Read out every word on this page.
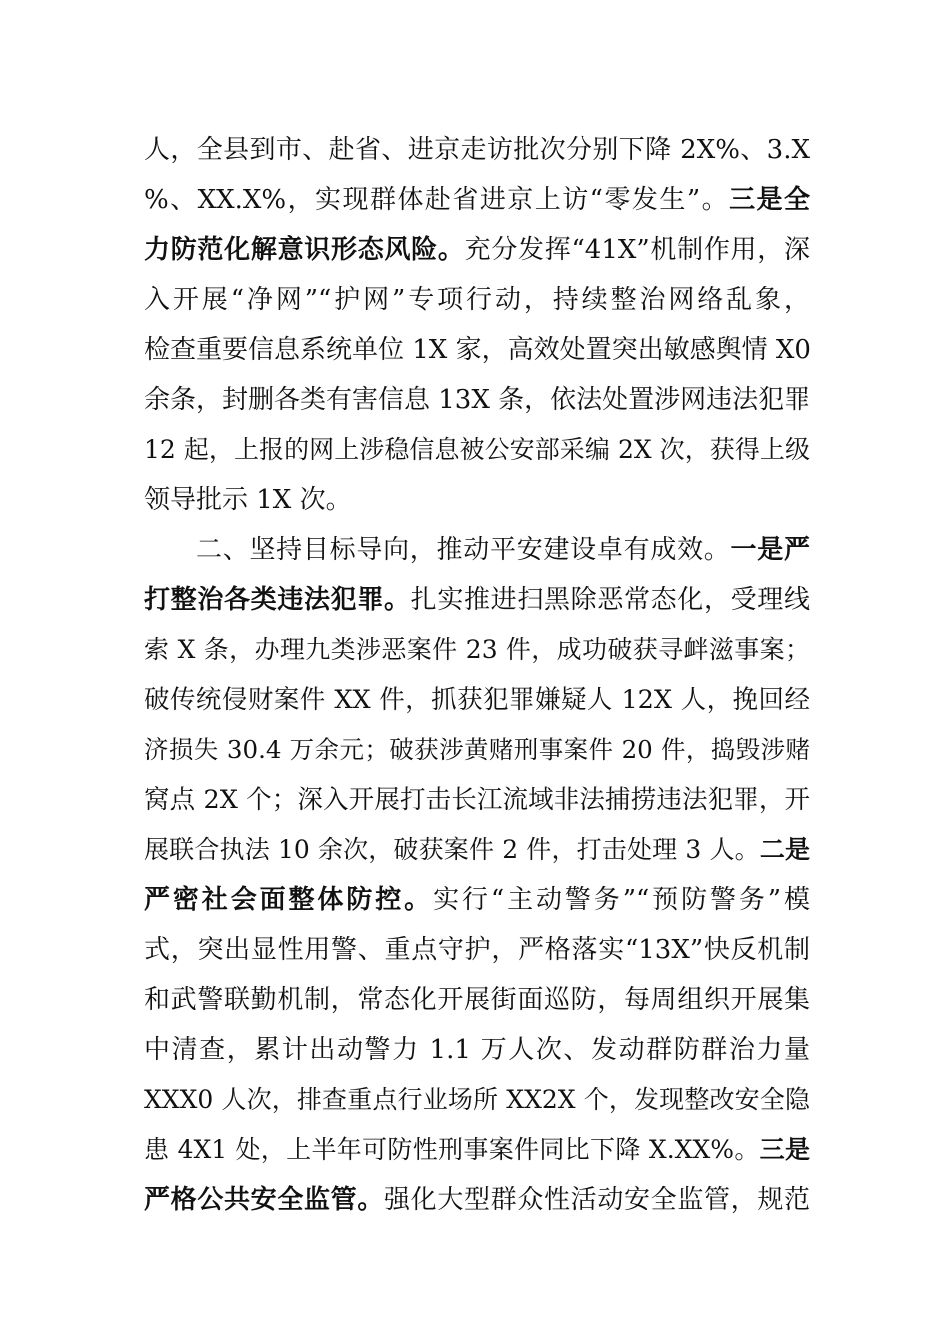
人，全县到市、赴省、进京走访批次分别下降 2X%、3.X
%、XX.X%，实现群体赴省进京上访“零发生”。三是全
力防范化解意识形态风险。充分发挥“41X”机制作用，深
入开展“净网”“护网”专项行动，持续整治网络乱象，
检查重要信息系统单位 1X 家，高效处置突出敏感舆情 X0
余条，封删各类有害信息 13X 条，依法处置涉网违法犯罪
12 起，上报的网上涉稳信息被公安部采编 2X 次，获得上级
领导批示 1X 次。
二、坚持目标导向，推动平安建设卓有成效。一是严
打整治各类违法犯罪。扎实推进扫黑除恶常态化，受理线
索 X 条，办理九类涉恶案件 23 件，成功破获寻衅滋事案；
破传统侵财案件 XX 件，抓获犯罪嫌疑人 12X 人，挽回经
济损失 30.4 万余元；破获涉黄赌刑事案件 20 件，捣毁涉赌
窝点 2X 个；深入开展打击长江流域非法捕捞违法犯罪，开
展联合执法 10 余次，破获案件 2 件，打击处理 3 人。二是
严密社会面整体防控。实行“主动警务”“预防警务”模
式，突出显性用警、重点守护，严格落实“13X”快反机制
和武警联勤机制，常态化开展街面巡防，每周组织开展集
中清查，累计出动警力 1.1 万人次、发动群防群治力量
XXX0 人次，排查重点行业场所 XX2X 个，发现整改安全隐
患 4X1 处，上半年可防性刑事案件同比下降 X.XX%。三是
严格公共安全监管。强化大型群众性活动安全监管，规范
